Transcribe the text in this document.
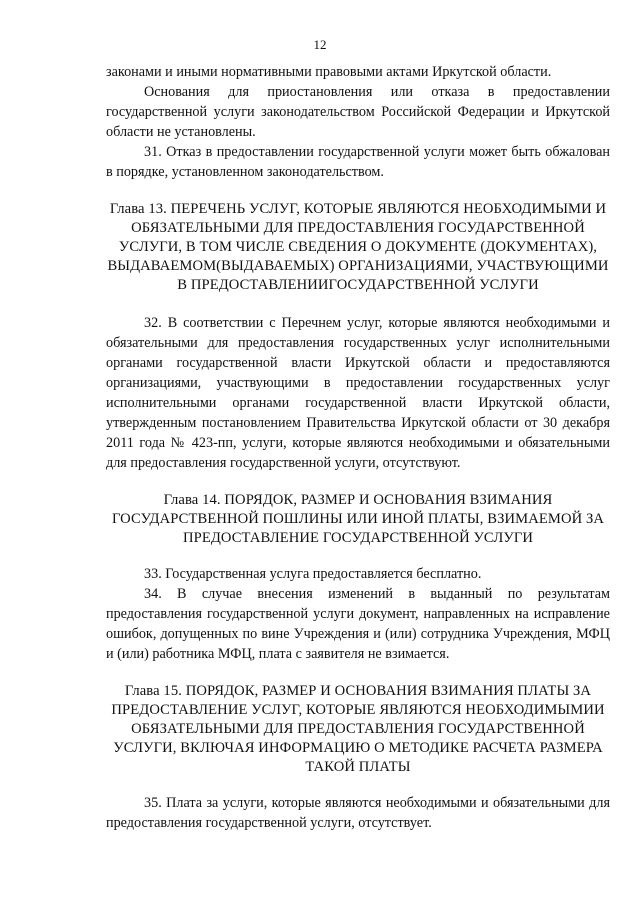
12

законами и иными нормативными правовыми актами Иркутской области.

Основания для приостановления или отказа в предоставлении государственной услуги законодательством Российской Федерации и Иркутской области не установлены.

31. Отказ в предоставлении государственной услуги может быть обжалован в порядке, установленном законодательством.

Глава 13. ПЕРЕЧЕНЬ УСЛУГ, КОТОРЫЕ ЯВЛЯЮТСЯ НЕОБХОДИМЫМИ И ОБЯЗАТЕЛЬНЫМИ ДЛЯ ПРЕДОСТАВЛЕНИЯ ГОСУДАРСТВЕННОЙ УСЛУГИ, В ТОМ ЧИСЛЕ СВЕДЕНИЯ О ДОКУМЕНТЕ (ДОКУМЕНТАХ), ВЫДАВАЕМОМ(ВЫДАВАЕМЫХ) ОРГАНИЗАЦИЯМИ, УЧАСТВУЮЩИМИ В ПРЕДОСТАВЛЕНИИГОСУДАРСТВЕННОЙ УСЛУГИ

32. В соответствии с Перечнем услуг, которые являются необходимыми и обязательными для предоставления государственных услуг исполнительными органами государственной власти Иркутской области и предоставляются организациями, участвующими в предоставлении государственных услуг исполнительными органами государственной власти Иркутской области, утвержденным постановлением Правительства Иркутской области от 30 декабря 2011 года № 423-пп, услуги, которые являются необходимыми и обязательными для предоставления государственной услуги, отсутствуют.

Глава 14. ПОРЯДОК, РАЗМЕР И ОСНОВАНИЯ ВЗИМАНИЯ ГОСУДАРСТВЕННОЙ ПОШЛИНЫ ИЛИ ИНОЙ ПЛАТЫ, ВЗИМАЕМОЙ ЗА ПРЕДОСТАВЛЕНИЕ ГОСУДАРСТВЕННОЙ УСЛУГИ

33. Государственная услуга предоставляется бесплатно.

34. В случае внесения изменений в выданный по результатам предоставления государственной услуги документ, направленных на исправление ошибок, допущенных по вине Учреждения и (или) сотрудника Учреждения, МФЦ и (или) работника МФЦ, плата с заявителя не взимается.

Глава 15. ПОРЯДОК, РАЗМЕР И ОСНОВАНИЯ ВЗИМАНИЯ ПЛАТЫ ЗА ПРЕДОСТАВЛЕНИЕ УСЛУГ, КОТОРЫЕ ЯВЛЯЮТСЯ НЕОБХОДИМЫМИИ ОБЯЗАТЕЛЬНЫМИ ДЛЯ ПРЕДОСТАВЛЕНИЯ ГОСУДАРСТВЕННОЙ УСЛУГИ, ВКЛЮЧАЯ ИНФОРМАЦИЮ О МЕТОДИКЕ РАСЧЕТА РАЗМЕРА ТАКОЙ ПЛАТЫ

35. Плата за услуги, которые являются необходимыми и обязательными для предоставления государственной услуги, отсутствует.
